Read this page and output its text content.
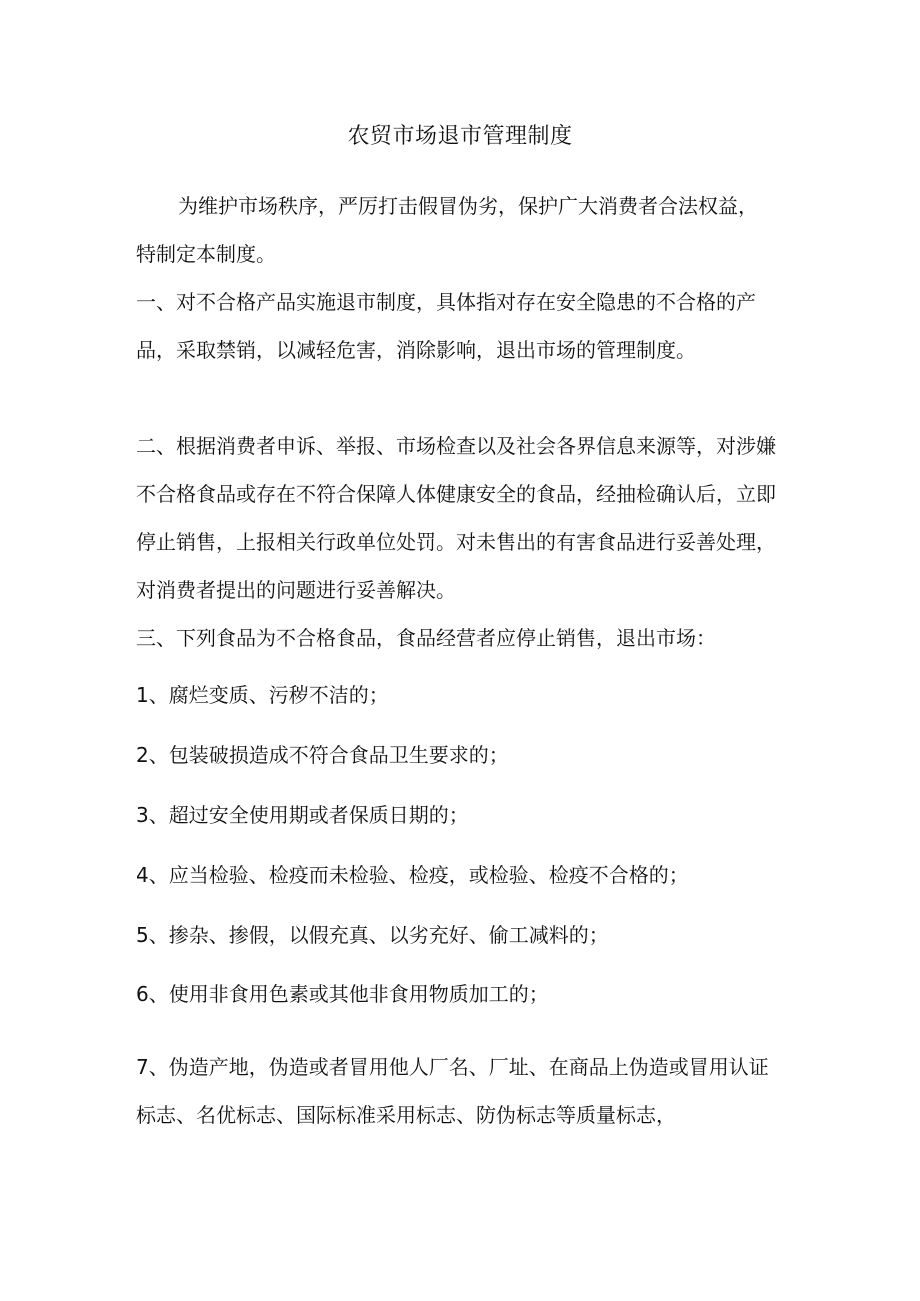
农贸市场退市管理制度

为维护市场秩序，严厉打击假冒伪劣，保护广大消费者合法权益，特制定本制度。

一、对不合格产品实施退市制度，具体指对存在安全隐患的不合格的产品，采取禁销，以减轻危害，消除影响，退出市场的管理制度。

二、根据消费者申诉、举报、市场检查以及社会各界信息来源等，对涉嫌不合格食品或存在不符合保障人体健康安全的食品，经抽检确认后，立即停止销售，上报相关行政单位处罚。对未售出的有害食品进行妥善处理，对消费者提出的问题进行妥善解决。

三、下列食品为不合格食品，食品经营者应停止销售，退出市场：

1、腐烂变质、污秽不洁的；
2、包装破损造成不符合食品卫生要求的；
3、超过安全使用期或者保质日期的；
4、应当检验、检疫而未检验、检疫，或检验、检疫不合格的；
5、掺杂、掺假，以假充真、以劣充好、偷工减料的；
6、使用非食用色素或其他非食用物质加工的；

7、伪造产地，伪造或者冒用他人厂名、厂址、在商品上伪造或冒用认证标志、名优标志、国际标准采用标志、防伪标志等质量标志，
